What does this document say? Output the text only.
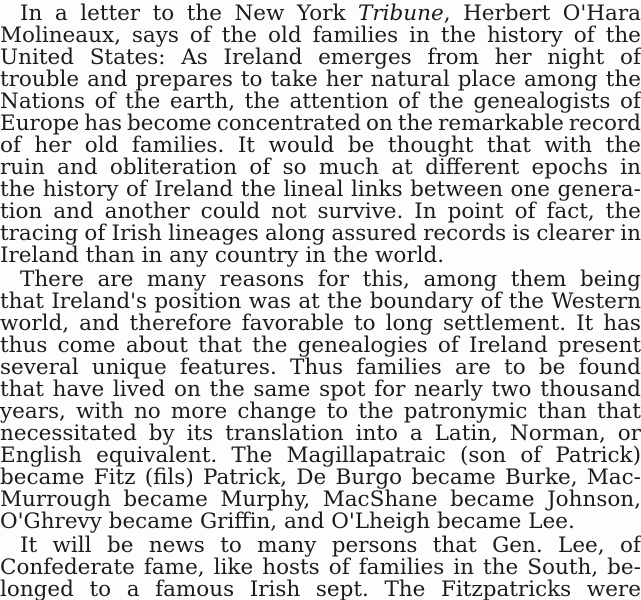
In a letter to the New York Tribune, Herbert O'Hara
Molineaux, says of the old families in the history of the
United States: As Ireland emerges from her night of
trouble and prepares to take her natural place among the
Nations of the earth, the attention of the genealogists of
Europe has become concentrated on the remarkable record
of her old families. It would be thought that with the
ruin and obliteration of so much at different epochs in
the history of Ireland the lineal links between one genera-
tion and another could not survive. In point of fact, the
tracing of Irish lineages along assured records is clearer in
Ireland than in any country in the world.
There are many reasons for this, among them being
that Ireland's position was at the boundary of the Western
world, and therefore favorable to long settlement. It has
thus come about that the genealogies of Ireland present
several unique features. Thus families are to be found
that have lived on the same spot for nearly two thousand
years, with no more change to the patronymic than that
necessitated by its translation into a Latin, Norman, or
English equivalent. The Magillapatraic (son of Patrick)
became Fitz (fils) Patrick, De Burgo became Burke, Mac-
Murrough became Murphy, MacShane became Johnson,
O'Ghrevy became Griffin, and O'Lheigh became Lee.
It will be news to many persons that Gen. Lee, of
Confederate fame, like hosts of families in the South, be-
longed to a famous Irish sept. The Fitzpatricks were
